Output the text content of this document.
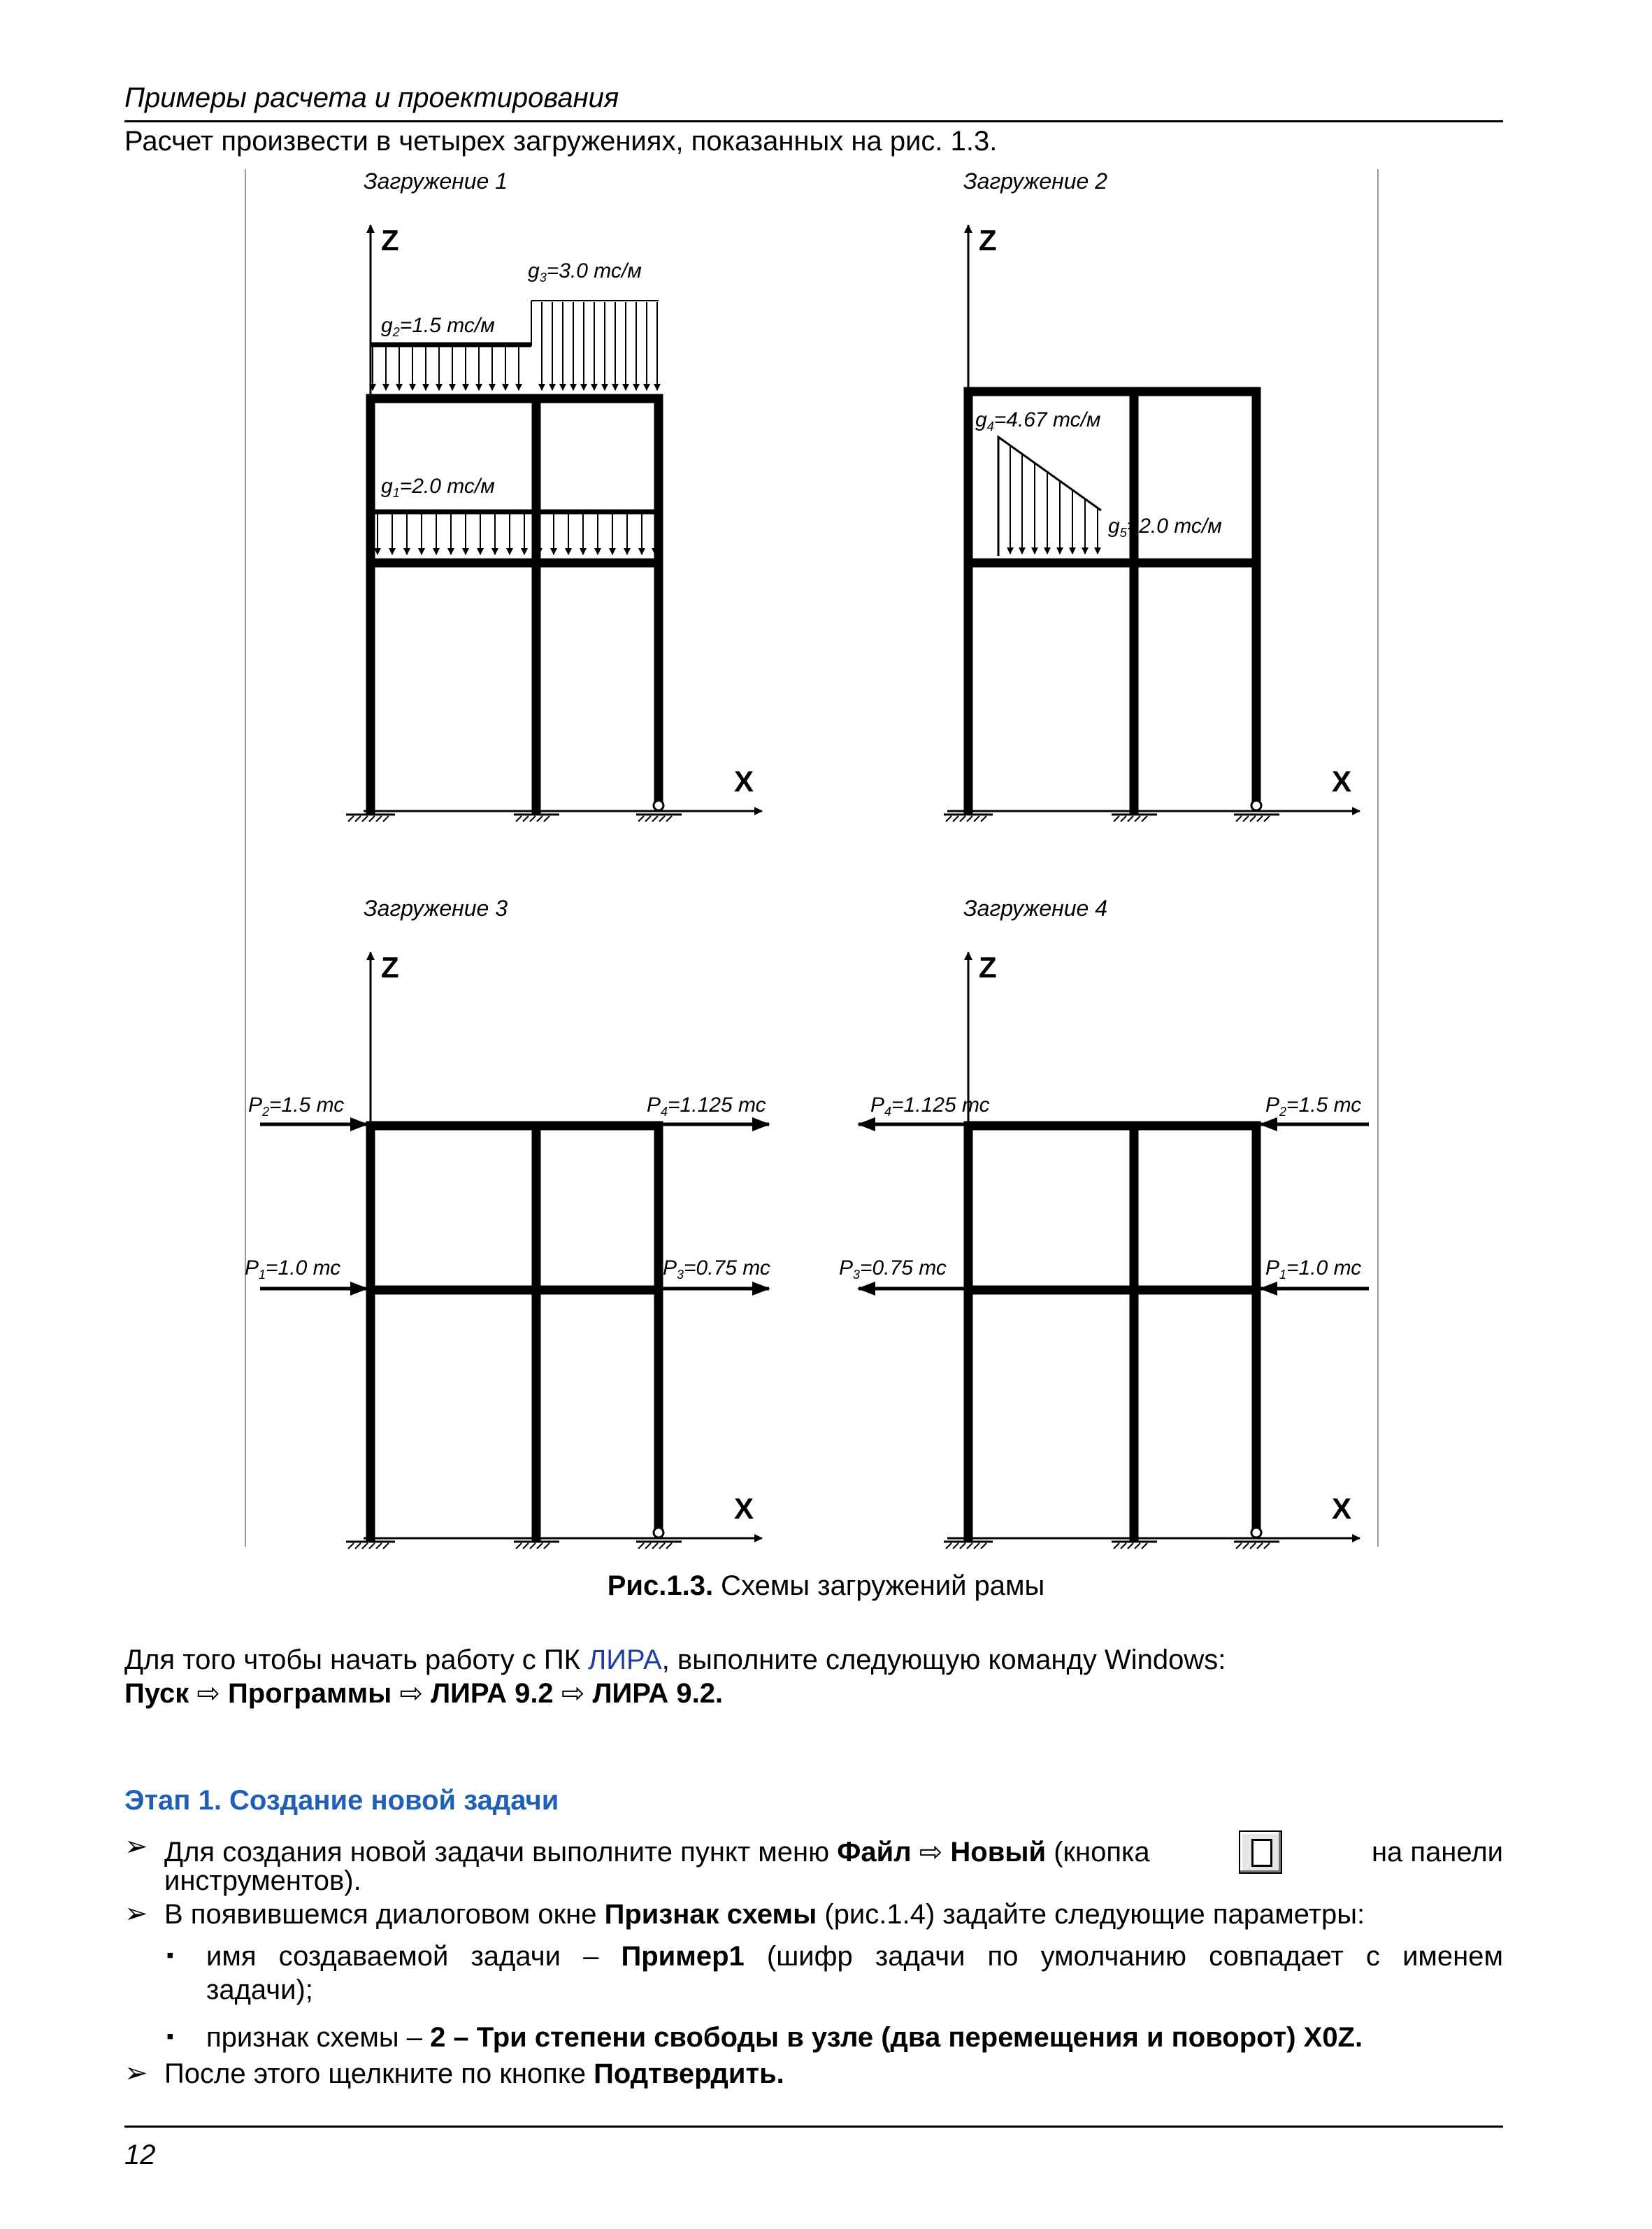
Примеры расчета и проектирования
Расчет произвести в четырех загружениях, показанных на рис. 1.3.
Загружение 1
Z
X
$g_2=1.5$ тс/м
$g_3=3.0$ тс/м
$g_1=2.0$ тс/м
Загружение 2
Z
X
$g_4=4.67$ тс/м
$g_5=2.0$ тс/м
Загружение 3
Z
X
$P_2=1.5$ тс	$P_4=1.125$ тс
$P_1=1.0$ тс	$P_3=0.75$ тс
Загружение 4
Z
X
$P_4=1.125$ тс	$P_2=1.5$ тс
$P_3=0.75$ тс	$P_1=1.0$ тс
Рис.1.3. Схемы загружений рамы
Для того чтобы начать работу с ПК ЛИРА, выполните следующую команду Windows:
Пуск ⇨ Программы ⇨ ЛИРА 9.2 ⇨ ЛИРА 9.2.
Этап 1. Создание новой задачи
➢ Для создания новой задачи выполните пункт меню Файл ⇨ Новый (кнопка	на панели
инструментов).
➢ В появившемся диалоговом окне Признак схемы (рис.1.4) задайте следующие параметры:
▪ имя создаваемой задачи – Пример1 (шифр задачи по умолчанию совпадает с именем
задачи);
▪ признак схемы – 2 – Три степени свободы в узле (два перемещения и поворот) X0Z.
➢ После этого щелкните по кнопке Подтвердить.
12
